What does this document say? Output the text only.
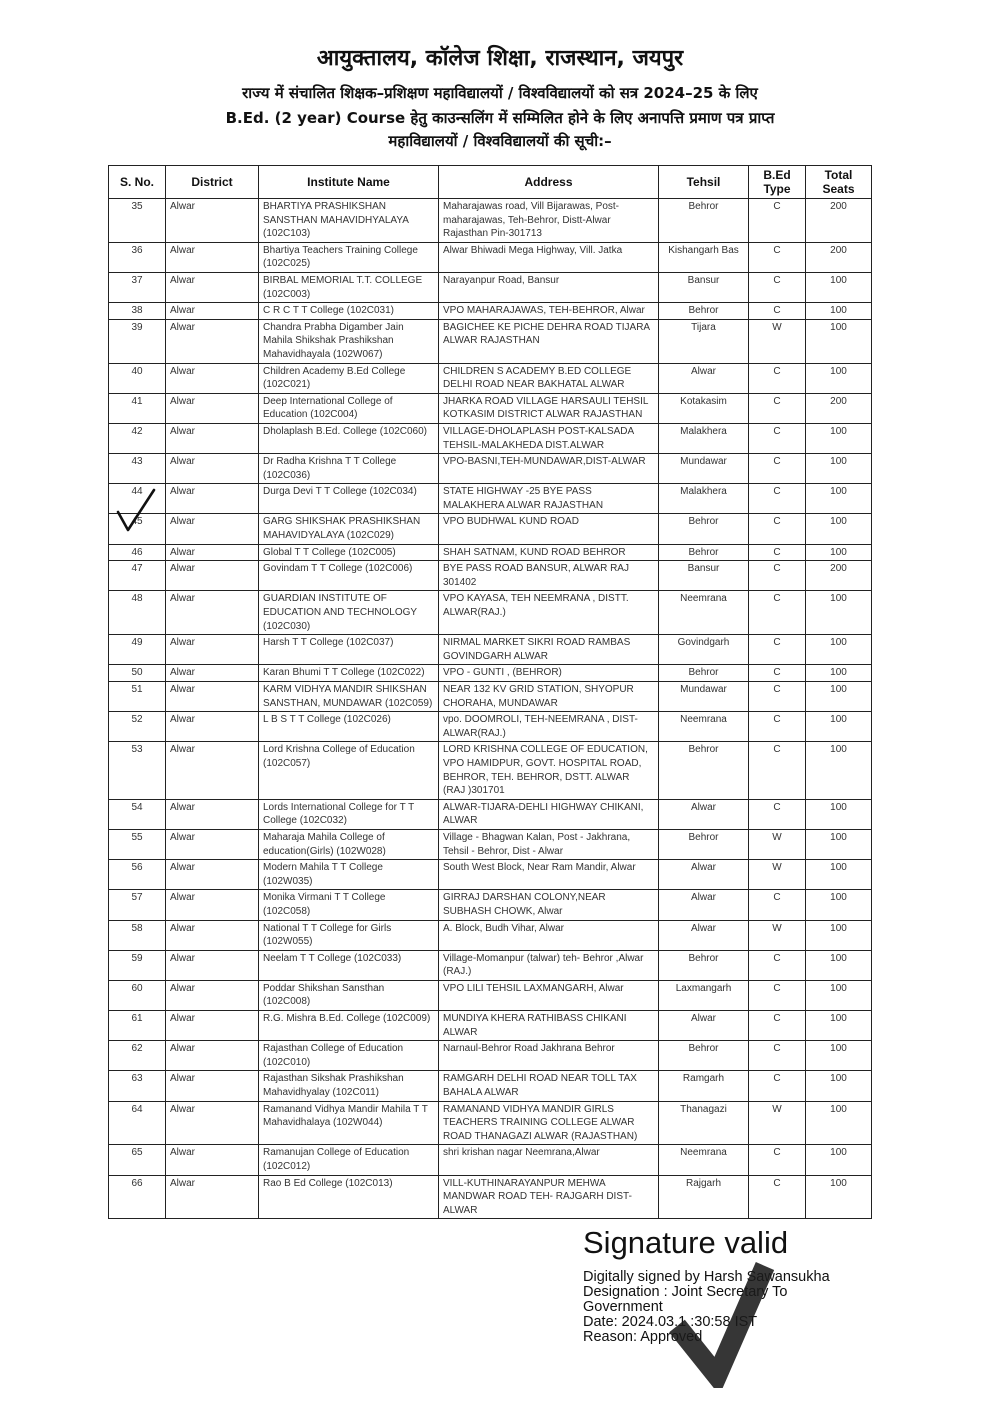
आयुक्तालय, कॉलेज शिक्षा, राजस्थान, जयपुर
राज्य में संचालित शिक्षक–प्रशिक्षण महाविद्यालयों / विश्वविद्यालयों को सत्र 2024–25 के लिए
B.Ed. (2 year) Course हेतु काउन्सलिंग में सम्मिलित होने के लिए अनापत्ति प्रमाण पत्र प्राप्त
महाविद्यालयों / विश्वविद्यालयों की सूची:–
S. No.	District	Institute Name	Address	Tehsil	B.Ed Type	Total Seats
35	Alwar	BHARTIYA PRASHIKSHAN SANSTHAN MAHAVIDHYALAYA (102C103)	Maharajawas road, Vill Bijarawas, Post-maharajawas, Teh-Behror, Distt-Alwar Rajasthan Pin-301713	Behror	C	200
36	Alwar	Bhartiya Teachers Training College (102C025)	Alwar Bhiwadi Mega Highway, Vill. Jatka	Kishangarh Bas	C	200
37	Alwar	BIRBAL MEMORIAL T.T. COLLEGE (102C003)	Narayanpur Road, Bansur	Bansur	C	100
38	Alwar	C R C T T College (102C031)	VPO MAHARAJAWAS, TEH-BEHROR, Alwar	Behror	C	100
39	Alwar	Chandra Prabha Digamber Jain Mahila Shikshak Prashikshan Mahavidhayala (102W067)	BAGICHEE KE PICHE DEHRA ROAD TIJARA ALWAR RAJASTHAN	Tijara	W	100
40	Alwar	Children Academy B.Ed College (102C021)	CHILDREN S ACADEMY B.ED COLLEGE DELHI ROAD NEAR BAKHATAL ALWAR	Alwar	C	100
41	Alwar	Deep International College of Education (102C004)	JHARKA ROAD VILLAGE HARSAULI TEHSIL KOTKASIM DISTRICT ALWAR RAJASTHAN	Kotakasim	C	200
42	Alwar	Dholaplash B.Ed. College (102C060)	VILLAGE-DHOLAPLASH POST-KALSADA TEHSIL-MALAKHEDA DIST.ALWAR	Malakhera	C	100
43	Alwar	Dr Radha Krishna T T College (102C036)	VPO-BASNI,TEH-MUNDAWAR,DIST-ALWAR	Mundawar	C	100
44	Alwar	Durga Devi T T College (102C034)	STATE HIGHWAY -25 BYE PASS MALAKHERA ALWAR RAJASTHAN	Malakhera	C	100
45	Alwar	GARG SHIKSHAK PRASHIKSHAN MAHAVIDYALAYA (102C029)	VPO BUDHWAL KUND ROAD	Behror	C	100
46	Alwar	Global T T College (102C005)	SHAH SATNAM, KUND ROAD BEHROR	Behror	C	100
47	Alwar	Govindam T T College (102C006)	BYE PASS ROAD BANSUR, ALWAR RAJ 301402	Bansur	C	200
48	Alwar	GUARDIAN INSTITUTE OF EDUCATION AND TECHNOLOGY (102C030)	VPO KAYASA, TEH NEEMRANA , DISTT. ALWAR(RAJ.)	Neemrana	C	100
49	Alwar	Harsh T T College (102C037)	NIRMAL MARKET SIKRI ROAD RAMBAS GOVINDGARH ALWAR	Govindgarh	C	100
50	Alwar	Karan Bhumi T T College (102C022)	VPO - GUNTI , (BEHROR)	Behror	C	100
51	Alwar	KARM VIDHYA MANDIR SHIKSHAN SANSTHAN, MUNDAWAR (102C059)	NEAR 132 KV GRID STATION, SHYOPUR CHORAHA, MUNDAWAR	Mundawar	C	100
52	Alwar	L B S T T College (102C026)	vpo. DOOMROLI, TEH-NEEMRANA , DIST-ALWAR(RAJ.)	Neemrana	C	100
53	Alwar	Lord Krishna College of Education (102C057)	LORD KRISHNA COLLEGE OF EDUCATION, VPO HAMIDPUR, GOVT. HOSPITAL ROAD, BEHROR, TEH. BEHROR, DSTT. ALWAR (RAJ )301701	Behror	C	100
54	Alwar	Lords International College for T T College (102C032)	ALWAR-TIJARA-DEHLI HIGHWAY CHIKANI, ALWAR	Alwar	C	100
55	Alwar	Maharaja Mahila College of education(Girls) (102W028)	Village - Bhagwan Kalan, Post - Jakhrana, Tehsil - Behror, Dist - Alwar	Behror	W	100
56	Alwar	Modern Mahila T T College (102W035)	South West Block, Near Ram Mandir, Alwar	Alwar	W	100
57	Alwar	Monika Virmani T T College (102C058)	GIRRAJ DARSHAN COLONY,NEAR SUBHASH CHOWK, Alwar	Alwar	C	100
58	Alwar	National T T College for Girls (102W055)	A. Block, Budh Vihar, Alwar	Alwar	W	100
59	Alwar	Neelam T T College (102C033)	Village-Momanpur (talwar) teh- Behror ,Alwar (RAJ.)	Behror	C	100
60	Alwar	Poddar Shikshan Sansthan (102C008)	VPO LILI TEHSIL LAXMANGARH, Alwar	Laxmangarh	C	100
61	Alwar	R.G. Mishra B.Ed. College (102C009)	MUNDIYA KHERA RATHIBASS CHIKANI ALWAR	Alwar	C	100
62	Alwar	Rajasthan College of Education (102C010)	Narnaul-Behror Road Jakhrana Behror	Behror	C	100
63	Alwar	Rajasthan Sikshak Prashikshan Mahavidhyalay (102C011)	RAMGARH DELHI ROAD NEAR TOLL TAX BAHALA ALWAR	Ramgarh	C	100
64	Alwar	Ramanand Vidhya Mandir Mahila T T Mahavidhalaya (102W044)	RAMANAND VIDHYA MANDIR GIRLS TEACHERS TRAINING COLLEGE ALWAR ROAD THANAGAZI ALWAR (RAJASTHAN)	Thanagazi	W	100
65	Alwar	Ramanujan College of Education (102C012)	shri krishan nagar Neemrana,Alwar	Neemrana	C	100
66	Alwar	Rao B Ed College (102C013)	VILL-KUTHINARAYANPUR MEHWA MANDWAR ROAD TEH- RAJGARH DIST-ALWAR	Rajgarh	C	100
Signature valid
Digitally signed by Harsh Sawansukha
Designation : Joint Secretary To
Government
Date: 2024.03.1 :30:58 IST
Reason: Approved
